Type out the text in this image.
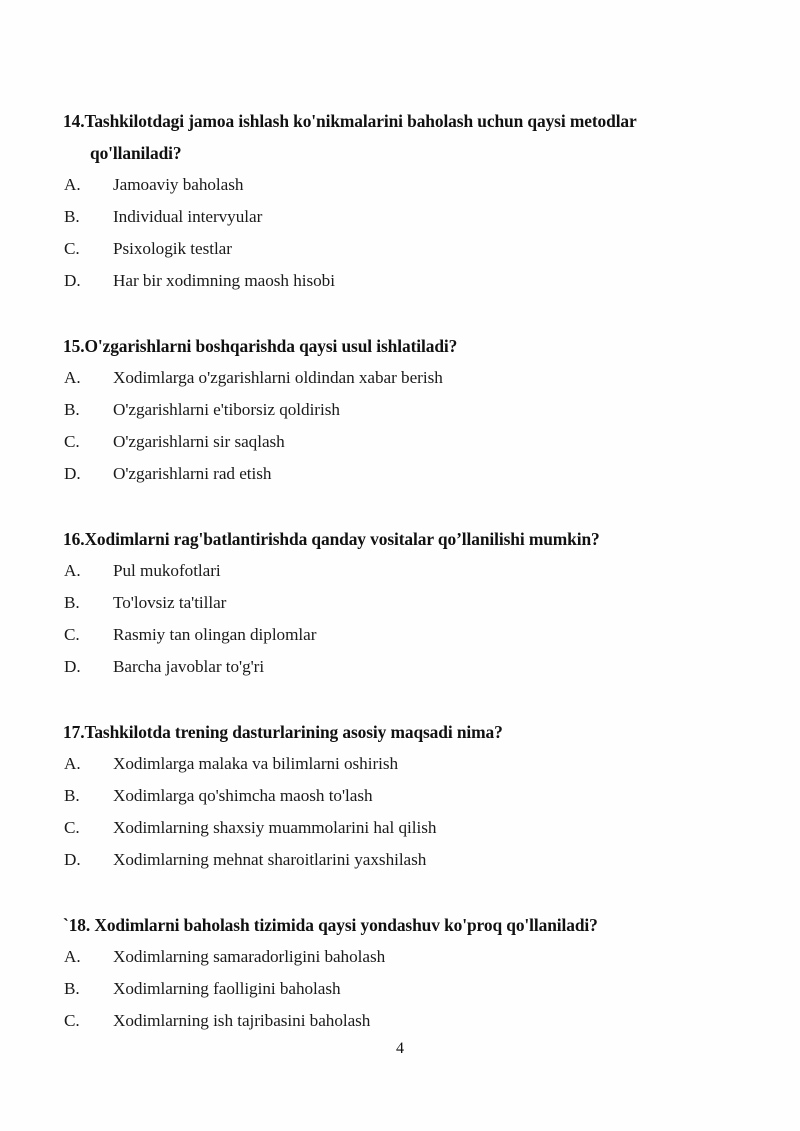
14.Tashkilotdagi jamoa ishlash ko'nikmalarini baholash uchun qaysi metodlar qo'llaniladi?
A. Jamoaviy baholash
B. Individual intervyular
C. Psixologik testlar
D. Har bir xodimning maosh hisobi
15.O'zgarishlarni boshqarishda qaysi usul ishlatiladi?
A. Xodimlarga o'zgarishlarni oldindan xabar berish
B. O'zgarishlarni e'tiborsiz qoldirish
C. O'zgarishlarni sir saqlash
D. O'zgarishlarni rad etish
16.Xodimlarni rag'batlantirishda qanday vositalar qo’llanilishi mumkin?
A. Pul mukofotlari
B. To'lovsiz ta'tillar
C. Rasmiy tan olingan diplomlar
D. Barcha javoblar to'g'ri
17.Tashkilotda trening dasturlarining asosiy maqsadi nima?
A. Xodimlarga malaka va bilimlarni oshirish
B. Xodimlarga qo'shimcha maosh to'lash
C. Xodimlarning shaxsiy muammolarini hal qilish
D. Xodimlarning mehnat sharoitlarini yaxshilash
`18. Xodimlarni baholash tizimida qaysi yondashuv ko'proq qo'llaniladi?
A. Xodimlarning samaradorligini baholash
B. Xodimlarning faolligini baholash
C. Xodimlarning ish tajribasini baholash
4
